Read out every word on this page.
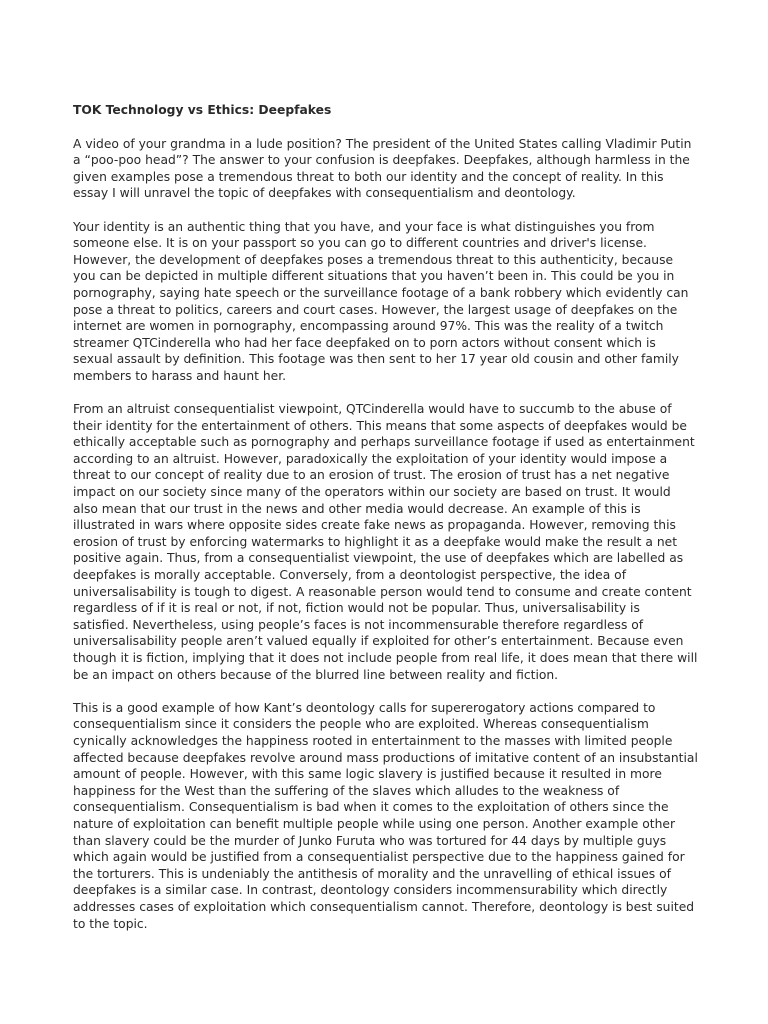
TOK Technology vs Ethics: Deepfakes
A video of your grandma in a lude position? The president of the United States calling Vladimir Putin a “poo-poo head”? The answer to your confusion is deepfakes. Deepfakes, although harmless in the given examples pose a tremendous threat to both our identity and the concept of reality. In this essay I will unravel the topic of deepfakes with consequentialism and deontology.
Your identity is an authentic thing that you have, and your face is what distinguishes you from someone else. It is on your passport so you can go to different countries and driver's license. However, the development of deepfakes poses a tremendous threat to this authenticity, because you can be depicted in multiple different situations that you haven’t been in. This could be you in pornography, saying hate speech or the surveillance footage of a bank robbery which evidently can pose a threat to politics, careers and court cases. However, the largest usage of deepfakes on the internet are women in pornography, encompassing around 97%. This was the reality of a twitch streamer QTCinderella who had her face deepfaked on to porn actors without consent which is sexual assault by definition. This footage was then sent to her 17 year old cousin and other family members to harass and haunt her.
From an altruist consequentialist viewpoint, QTCinderella would have to succumb to the abuse of their identity for the entertainment of others. This means that some aspects of deepfakes would be ethically acceptable such as pornography and perhaps surveillance footage if used as entertainment according to an altruist. However, paradoxically the exploitation of your identity would impose a threat to our concept of reality due to an erosion of trust. The erosion of trust has a net negative impact on our society since many of the operators within our society are based on trust. It would also mean that our trust in the news and other media would decrease. An example of this is illustrated in wars where opposite sides create fake news as propaganda. However, removing this erosion of trust by enforcing watermarks to highlight it as a deepfake would make the result a net positive again. Thus, from a consequentialist viewpoint, the use of deepfakes which are labelled as deepfakes is morally acceptable. Conversely, from a deontologist perspective, the idea of universalisability is tough to digest. A reasonable person would tend to consume and create content regardless of if it is real or not, if not, fiction would not be popular. Thus, universalisability is satisfied. Nevertheless, using people’s faces is not incommensurable therefore regardless of universalisability people aren’t valued equally if exploited for other’s entertainment. Because even though it is fiction, implying that it does not include people from real life, it does mean that there will be an impact on others because of the blurred line between reality and fiction.
This is a good example of how Kant’s deontology calls for supererogatory actions compared to consequentialism since it considers the people who are exploited. Whereas consequentialism cynically acknowledges the happiness rooted in entertainment to the masses with limited people affected because deepfakes revolve around mass productions of imitative content of an insubstantial amount of people. However, with this same logic slavery is justified because it resulted in more happiness for the West than the suffering of the slaves which alludes to the weakness of consequentialism. Consequentialism is bad when it comes to the exploitation of others since the nature of exploitation can benefit multiple people while using one person. Another example other than slavery could be the murder of Junko Furuta who was tortured for 44 days by multiple guys which again would be justified from a consequentialist perspective due to the happiness gained for the torturers. This is undeniably the antithesis of morality and the unravelling of ethical issues of deepfakes is a similar case. In contrast, deontology considers incommensurability which directly addresses cases of exploitation which consequentialism cannot. Therefore, deontology is best suited to the topic.
